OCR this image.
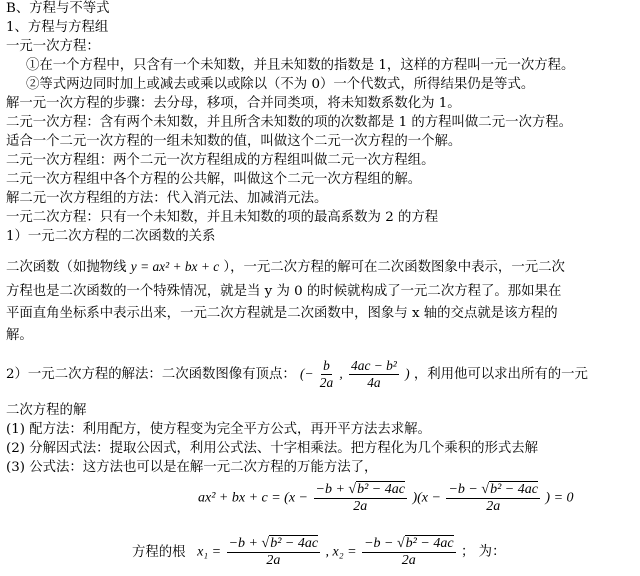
B、方程与不等式
1、方程与方程组
一元一次方程：
①在一个方程中，只含有一个未知数，并且未知数的指数是 1，这样的方程叫一元一次方程。
②等式两边同时加上或减去或乘以或除以（不为 0）一个代数式，所得结果仍是等式。
解一元一次方程的步骤：去分母，移项，合并同类项，将未知数系数化为 1。
二元一次方程：含有两个未知数，并且所含未知数的项的次数都是 1 的方程叫做二元一次方程。
适合一个二元一次方程的一组未知数的值，叫做这个二元一次方程的一个解。
二元一次方程组：两个二元一次方程组成的方程组叫做二元一次方程组。
二元一次方程组中各个方程的公共解，叫做这个二元一次方程组的解。
解二元一次方程组的方法：代入消元法、加减消元法。
一元二次方程：只有一个未知数，并且未知数的项的最高系数为 2 的方程
1）一元二次方程的二次函数的关系
二次函数（如抛物线 y = ax² + bx + c ），一元二次方程的解可在二次函数图象中表示，一元二次
方程也是二次函数的一个特殊情况，就是当 y 为 0 的时候就构成了一元二次方程了。那如果在
平面直角坐标系中表示出来，一元二次方程就是二次函数中，图象与 x 轴的交点就是该方程的
解。
2）一元二次方程的解法：二次函数图像有顶点： (− $\frac{b}{2a}$ , $\frac{\text{4ac − b²}}{4a}$ ) ，利用他可以求出所有的一元
二次方程的解
(1) 配方法：利用配方，使方程变为完全平方公式，再开平方法去求解。
(2) 分解因式法：提取公因式，利用公式法、十字相乘法。把方程化为几个乘积的形式去解
(3) 公式法：这方法也可以是在解一元二次方程的万能方法了，
ax² + bx + $c = (x - \frac{\text{−b + √b² − 4ac}}{2a} )(x - \frac{\text{−b − √b² − 4ac}}{2a}$ ) = 0
方程的根 $x_1 = \frac{\text{−b + √b² − 4ac}}{2a}$ , $x_2 = \frac{\text{−b − √b² − 4ac}}{2a}$ ； 为：
